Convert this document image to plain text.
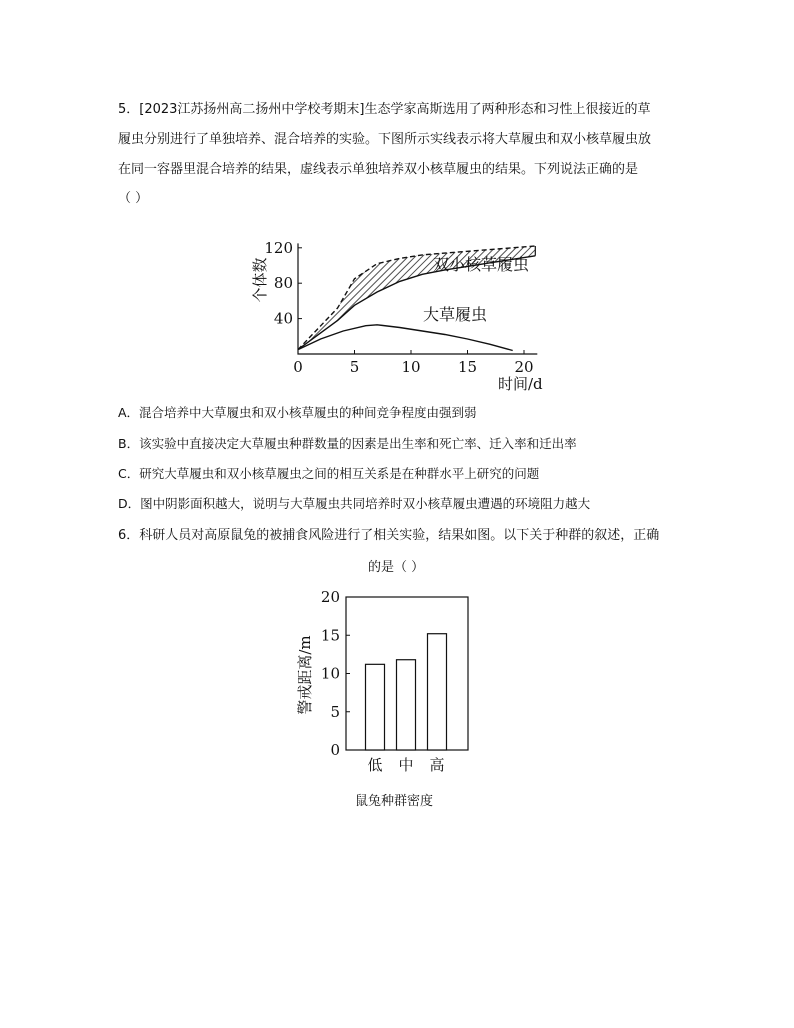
5．[2023江苏扬州高二扬州中学校考期末]生态学家高斯选用了两种形态和习性上很接近的草
履虫分别进行了单独培养、混合培养的实验。下图所示实线表示将大草履虫和双小核草履虫放
在同一容器里混合培养的结果，虚线表示单独培养双小核草履虫的结果。下列说法正确的是
（ ）
40
80
120
0	5	10 15 20
个体数
时间/d
双小核草履虫
大草履虫
A．混合培养中大草履虫和双小核草履虫的种间竞争程度由强到弱
B．该实验中直接决定大草履虫种群数量的因素是出生率和死亡率、迁入率和迁出率
C．研究大草履虫和双小核草履虫之间的相互关系是在种群水平上研究的问题
D．图中阴影面积越大，说明与大草履虫共同培养时双小核草履虫遭遇的环境阻力越大
6．科研人员对高原鼠兔的被捕食风险进行了相关实验，结果如图。以下关于种群的叙述，正确
的是（ ）
0
5
10
15
20
低 中 高
警戒距离/m
鼠兔种群密度
